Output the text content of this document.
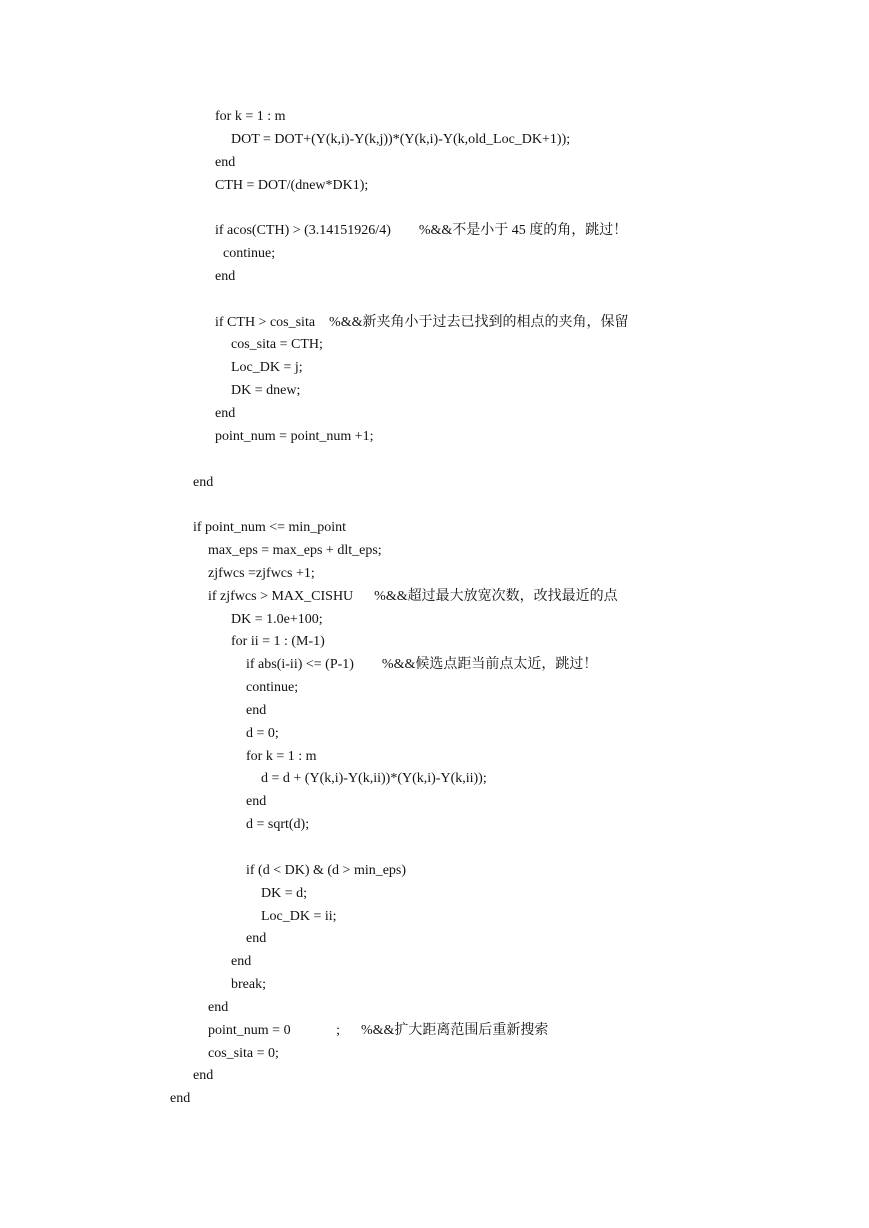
for k = 1 : m
DOT = DOT+(Y(k,i)-Y(k,j))*(Y(k,i)-Y(k,old_Loc_DK+1));
end
CTH = DOT/(dnew*DK1);
if acos(CTH) > (3.14151926/4)        %&&不是小于 45 度的角，跳过！
continue;
end
if CTH > cos_sita    %&&新夹角小于过去已找到的相点的夹角，保留
cos_sita = CTH;
Loc_DK = j;
DK = dnew;
end
point_num = point_num +1;
end
if point_num <= min_point
max_eps = max_eps + dlt_eps;
zjfwcs =zjfwcs +1;
if zjfwcs > MAX_CISHU      %&&超过最大放宽次数，改找最近的点
DK = 1.0e+100;
for ii = 1 : (M-1)
if abs(i-ii) <= (P-1)        %&&候选点距当前点太近，跳过！
continue;
end
d = 0;
for k = 1 : m
d = d + (Y(k,i)-Y(k,ii))*(Y(k,i)-Y(k,ii));
end
d = sqrt(d);
if (d < DK) & (d > min_eps)
DK = d;
Loc_DK = ii;
end
end
break;
end
point_num = 0             ;      %&&扩大距离范围后重新搜索
cos_sita = 0;
end
end
